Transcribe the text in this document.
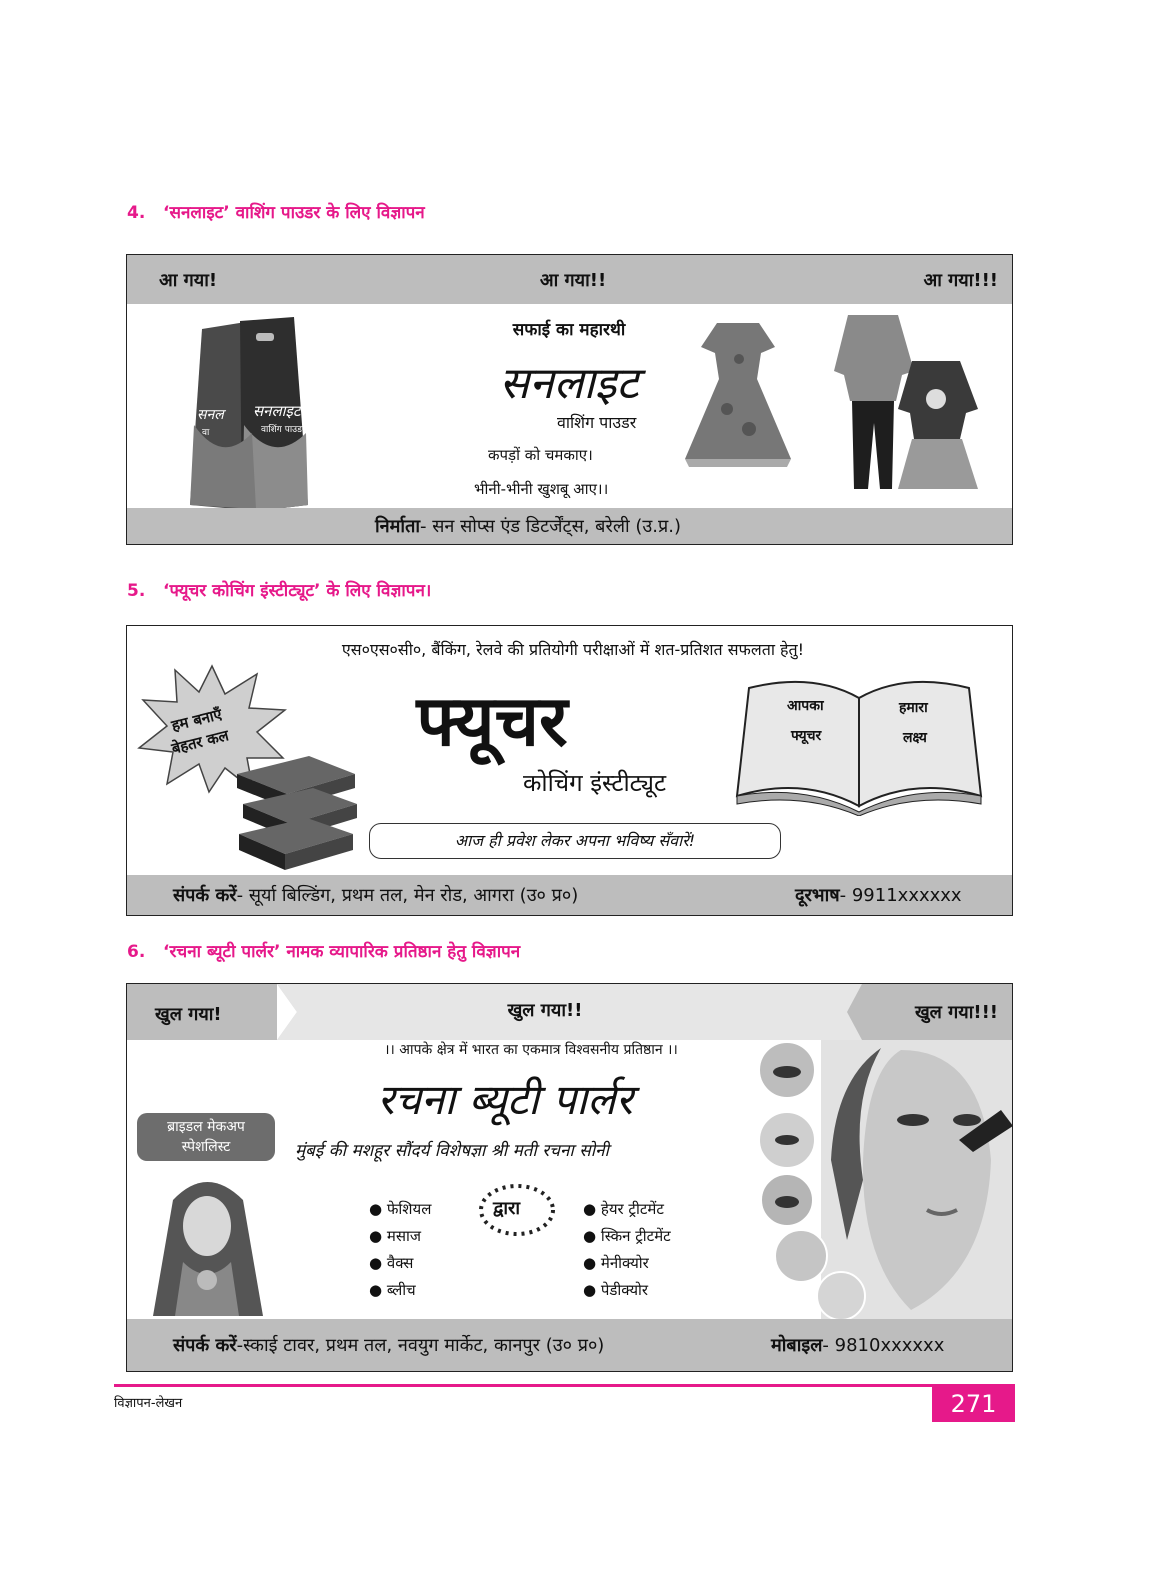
4. ‘सनलाइट’ वाशिंग पाउडर के लिए विज्ञापन
आ गया!	आ गया!!	आ गया!!!
सनल
वा
सनलाइट
वाशिंग पाउडर
सफाई का महारथी
सनलाइट
वाशिंग पाउडर
कपड़ों को चमकाए।
भीनी-भीनी खुशबू आए।।
निर्माता- सन सोप्स एंड डिटर्जेंट्स, बरेली (उ.प्र.)
5. ‘फ्यूचर कोचिंग इंस्टीट्यूट’ के लिए विज्ञापन।
एस०एस०सी०, बैंकिंग, रेलवे की प्रतियोगी परीक्षाओं में शत-प्रतिशत सफलता हेतु!
हम बनाएँ
बेहतर कल	फ्यूचर
कोचिंग इंस्टीट्यूट
आपका
फ्यूचर
हमारा
लक्ष्य
आज ही प्रवेश लेकर अपना भविष्य सँवारें!
संपर्क करें- सूर्या बिल्डिंग, प्रथम तल, मेन रोड, आगरा (उ० प्र०)	दूरभाष- 9911xxxxxx
6. ‘रचना ब्यूटी पार्लर’ नामक व्यापारिक प्रतिष्ठान हेतु विज्ञापन
खुल गया!	खुल गया!!	खुल गया!!!
।। आपके क्षेत्र में भारत का एकमात्र विश्वसनीय प्रतिष्ठान ।।
रचना ब्यूटी पार्लर
ब्राइडल मेकअप
स्पेशलिस्ट	मुंबई की मशहूर सौंदर्य विशेषज्ञा श्री मती रचना सोनी
● फेशियल
● मसाज
● वैक्स
● ब्लीच
द्वारा	● हेयर ट्रीटमेंट
● स्किन ट्रीटमेंट
● मेनीक्योर
● पेडीक्योर
संपर्क करें-स्काई टावर, प्रथम तल, नवयुग मार्केट, कानपुर (उ० प्र०)	मोबाइल- 9810xxxxxx
विज्ञापन-लेखन	271
